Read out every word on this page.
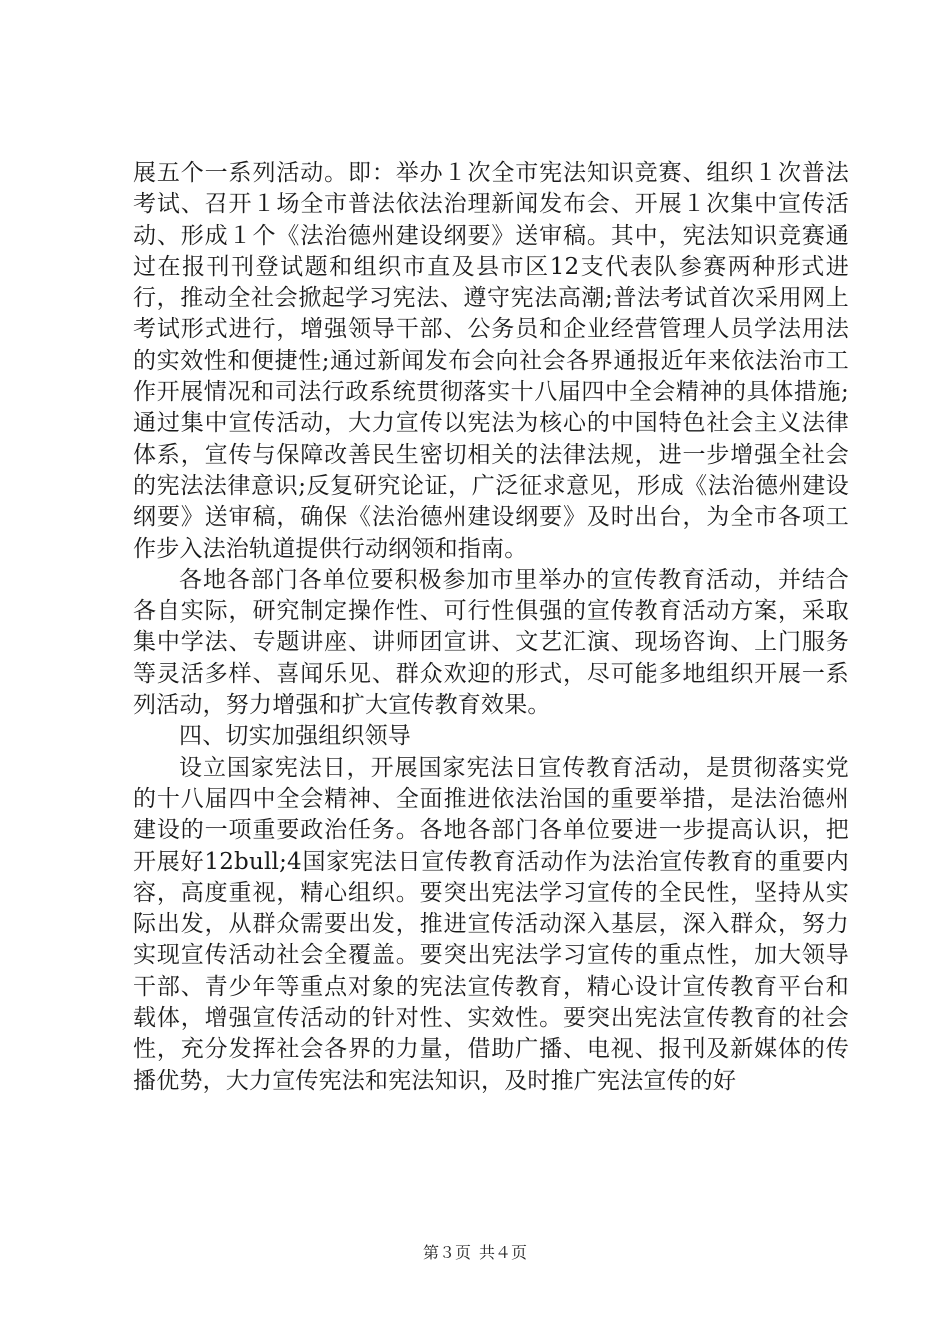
展五个一系列活动。即：举办１次全市宪法知识竞赛、组织１次普法考试、召开１场全市普法依法治理新闻发布会、开展１次集中宣传活动、形成１个《法治德州建设纲要》送审稿。其中，宪法知识竞赛通过在报刊刊登试题和组织市直及县市区12支代表队参赛两种形式进行，推动全社会掀起学习宪法、遵守宪法高潮;普法考试首次采用网上考试形式进行，增强领导干部、公务员和企业经营管理人员学法用法的实效性和便捷性;通过新闻发布会向社会各界通报近年来依法治市工作开展情况和司法行政系统贯彻落实十八届四中全会精神的具体措施;通过集中宣传活动，大力宣传以宪法为核心的中国特色社会主义法律体系，宣传与保障改善民生密切相关的法律法规，进一步增强全社会的宪法法律意识;反复研究论证，广泛征求意见，形成《法治德州建设纲要》送审稿，确保《法治德州建设纲要》及时出台，为全市各项工作步入法治轨道提供行动纲领和指南。

各地各部门各单位要积极参加市里举办的宣传教育活动，并结合各自实际，研究制定操作性、可行性俱强的宣传教育活动方案，采取集中学法、专题讲座、讲师团宣讲、文艺汇演、现场咨询、上门服务等灵活多样、喜闻乐见、群众欢迎的形式，尽可能多地组织开展一系列活动，努力增强和扩大宣传教育效果。

四、切实加强组织领导

设立国家宪法日，开展国家宪法日宣传教育活动，是贯彻落实党的十八届四中全会精神、全面推进依法治国的重要举措，是法治德州建设的一项重要政治任务。各地各部门各单位要进一步提高认识，把开展好12bull;4国家宪法日宣传教育活动作为法治宣传教育的重要内容，高度重视，精心组织。要突出宪法学习宣传的全民性，坚持从实际出发，从群众需要出发，推进宣传活动深入基层，深入群众，努力实现宣传活动社会全覆盖。要突出宪法学习宣传的重点性，加大领导干部、青少年等重点对象的宪法宣传教育，精心设计宣传教育平台和载体，增强宣传活动的针对性、实效性。要突出宪法宣传教育的社会性，充分发挥社会各界的力量，借助广播、电视、报刊及新媒体的传播优势，大力宣传宪法和宪法知识，及时推广宪法宣传的好

第３页 共４页
